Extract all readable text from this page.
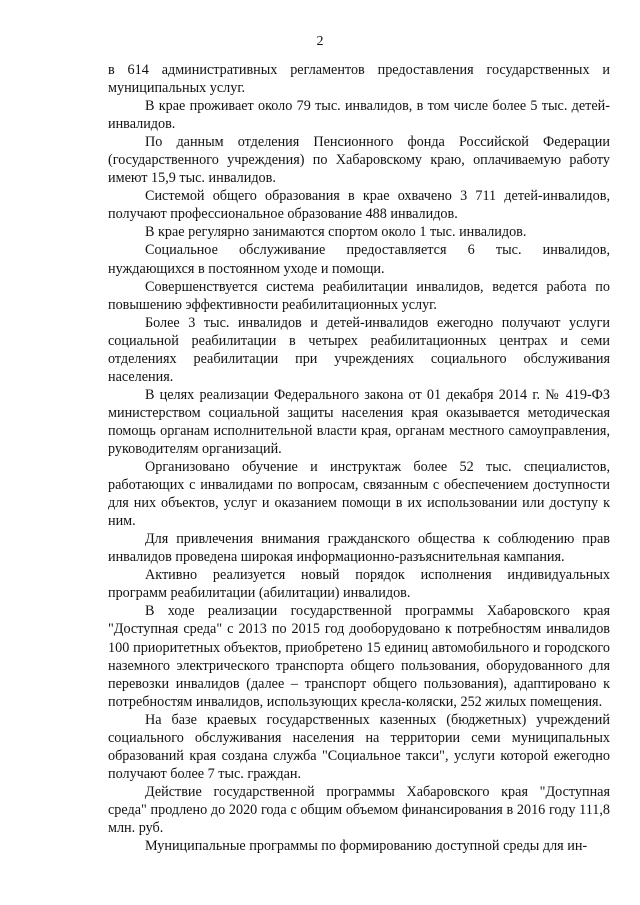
2

в 614 административных регламентов предоставления государственных и муниципальных услуг.

В крае проживает около 79 тыс. инвалидов, в том числе более 5 тыс. детей-инвалидов.

По данным отделения Пенсионного фонда Российской Федерации (государственного учреждения) по Хабаровскому краю, оплачиваемую работу имеют 15,9 тыс. инвалидов.

Системой общего образования в крае охвачено 3 711 детей-инвалидов, получают профессиональное образование 488 инвалидов.

В крае регулярно занимаются спортом около 1 тыс. инвалидов.

Социальное обслуживание предоставляется 6 тыс. инвалидов, нуждающихся в постоянном уходе и помощи.

Совершенствуется система реабилитации инвалидов, ведется работа по повышению эффективности реабилитационных услуг.

Более 3 тыс. инвалидов и детей-инвалидов ежегодно получают услуги социальной реабилитации в четырех реабилитационных центрах и семи отделениях реабилитации при учреждениях социального обслуживания населения.

В целях реализации Федерального закона от 01 декабря 2014 г. № 419-ФЗ министерством социальной защиты населения края оказывается методическая помощь органам исполнительной власти края, органам местного самоуправления, руководителям организаций.

Организовано обучение и инструктаж более 52 тыс. специалистов, работающих с инвалидами по вопросам, связанным с обеспечением доступности для них объектов, услуг и оказанием помощи в их использовании или доступу к ним.

Для привлечения внимания гражданского общества к соблюдению прав инвалидов проведена широкая информационно-разъяснительная кампания.

Активно реализуется новый порядок исполнения индивидуальных программ реабилитации (абилитации) инвалидов.

В ходе реализации государственной программы Хабаровского края "Доступная среда" с 2013 по 2015 год дооборудовано к потребностям инвалидов 100 приоритетных объектов, приобретено 15 единиц автомобильного и городского наземного электрического транспорта общего пользования, оборудованного для перевозки инвалидов (далее – транспорт общего пользования), адаптировано к потребностям инвалидов, использующих кресла-коляски, 252 жилых помещения.

На базе краевых государственных казенных (бюджетных) учреждений социального обслуживания населения на территории семи муниципальных образований края создана служба "Социальное такси", услуги которой ежегодно получают более 7 тыс. граждан.

Действие государственной программы Хабаровского края "Доступная среда" продлено до 2020 года с общим объемом финансирования в 2016 году 111,8 млн. руб.

Муниципальные программы по формированию доступной среды для ин-
